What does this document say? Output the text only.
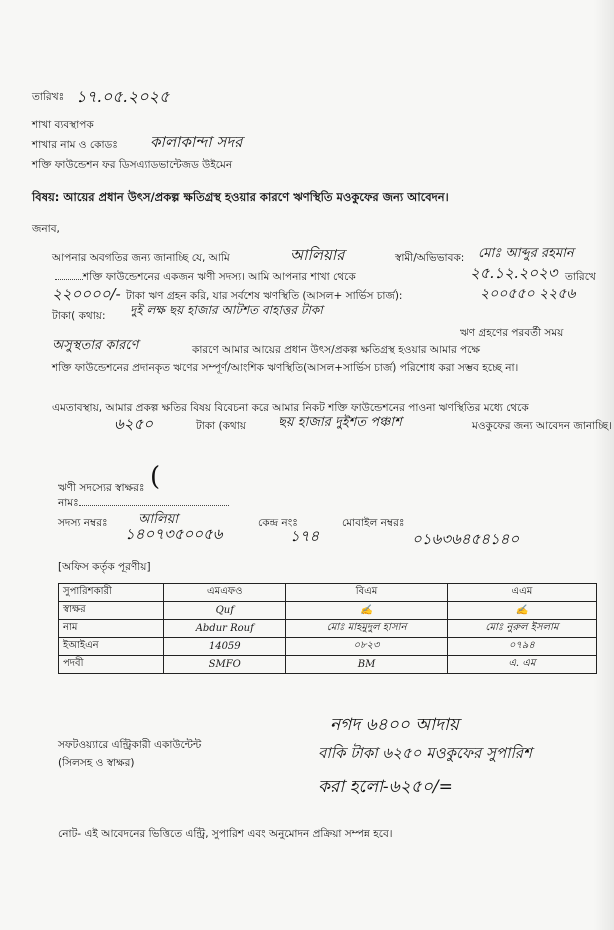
তারিখঃ ১৭.০৫.২০২৫
শাখা ব্যবস্থাপক
শাখার নাম ও কোডঃ কালাকান্দা সদর
শক্তি ফাউন্ডেশন ফর ডিসএ্যাডভান্টেজড উইমেন
বিষয়: আয়ের প্রধান উৎস/প্রকল্প ক্ষতিগ্রস্থ হওয়ার কারণে ঋণস্থিতি মওকুফের জন্য আবেদন।
জনাব,
আপনার অবগতির জন্য জানাচ্ছি যে, আমি	আলিয়ার	স্বামী/অভিভাবক: মোঃ আব্দুর রহমান
শক্তি ফাউন্ডেশনের একজন ঋণী সদস্য। আমি আপনার শাখা থেকে	২৫.১২.২০২৩ তারিখে
২২০০০০/- টাকা ঋণ গ্রহন করি, যার সর্বশেষ ঋণস্থিতি (আসল+ সার্ভিস চার্জ):	২০০৫৫০ ২২৫৬
টাকা( কথায়: দুই লক্ষ ছয় হাজার আটশত বাহাত্তর টাকা
ঋণ গ্রহণের পরবর্তী সময়
অসুস্থতার কারণে	কারণে আমার আয়ের প্রধান উৎস/প্রকল্প ক্ষতিগ্রস্থ হওয়ার আমার পক্ষে
শক্তি ফাউন্ডেশনের প্রদানকৃত ঋণের সম্পূর্ণ/আংশিক ঋণস্থিতি(আসল+সার্ভিস চার্জ) পরিশোধ করা সম্ভব হচ্ছে না।
এমতাবস্থায়, আমার প্রকল্প ক্ষতির বিষয় বিবেচনা করে আমার নিকট শক্তি ফাউন্ডেশনের পাওনা ঋণস্থিতির মধ্যে থেকে
৬২৫০	টাকা (কথায় ছয় হাজার দুইশত পঞ্চাশ	মওকুফের জন্য আবেদন জানাচ্ছি।
ঋণী সদস্যের স্বাক্ষরঃ (
নামঃ
আলিয়া
সদস্য নম্বরঃ
১৪০৭৩৫০০৫৬
কেন্দ্র নংঃ
১৭৪
মোবাইল নম্বরঃ
০১৬৩৬৪৫৪১৪০
[অফিস কর্তৃক পূরণীয়]
সুপারিশকারী	এমএফও	বিএম	এএম
স্বাক্ষর	Quf	✍	✍
নাম	Abdur Rouf	মোঃ মাহমুদুল হাসান	মোঃ নুরুল ইসলাম
ইআইএন	14059	০৮২৩	০৭৯৪
পদবী	SMFO	BM	এ. এম
নগদ ৬৪০০ আদায়
বাকি টাকা ৬২৫০ মওকুফের সুপারিশ
করা হলো-৬২৫০/=
সফটওয়্যারে এন্ট্রিকারী একাউন্টেন্ট
(সিলসহ ও স্বাক্ষর)
নোট- এই আবেদনের ভিত্তিতে এন্ট্রি, সুপারিশ এবং অনুমোদন প্রক্রিয়া সম্পন্ন হবে।
